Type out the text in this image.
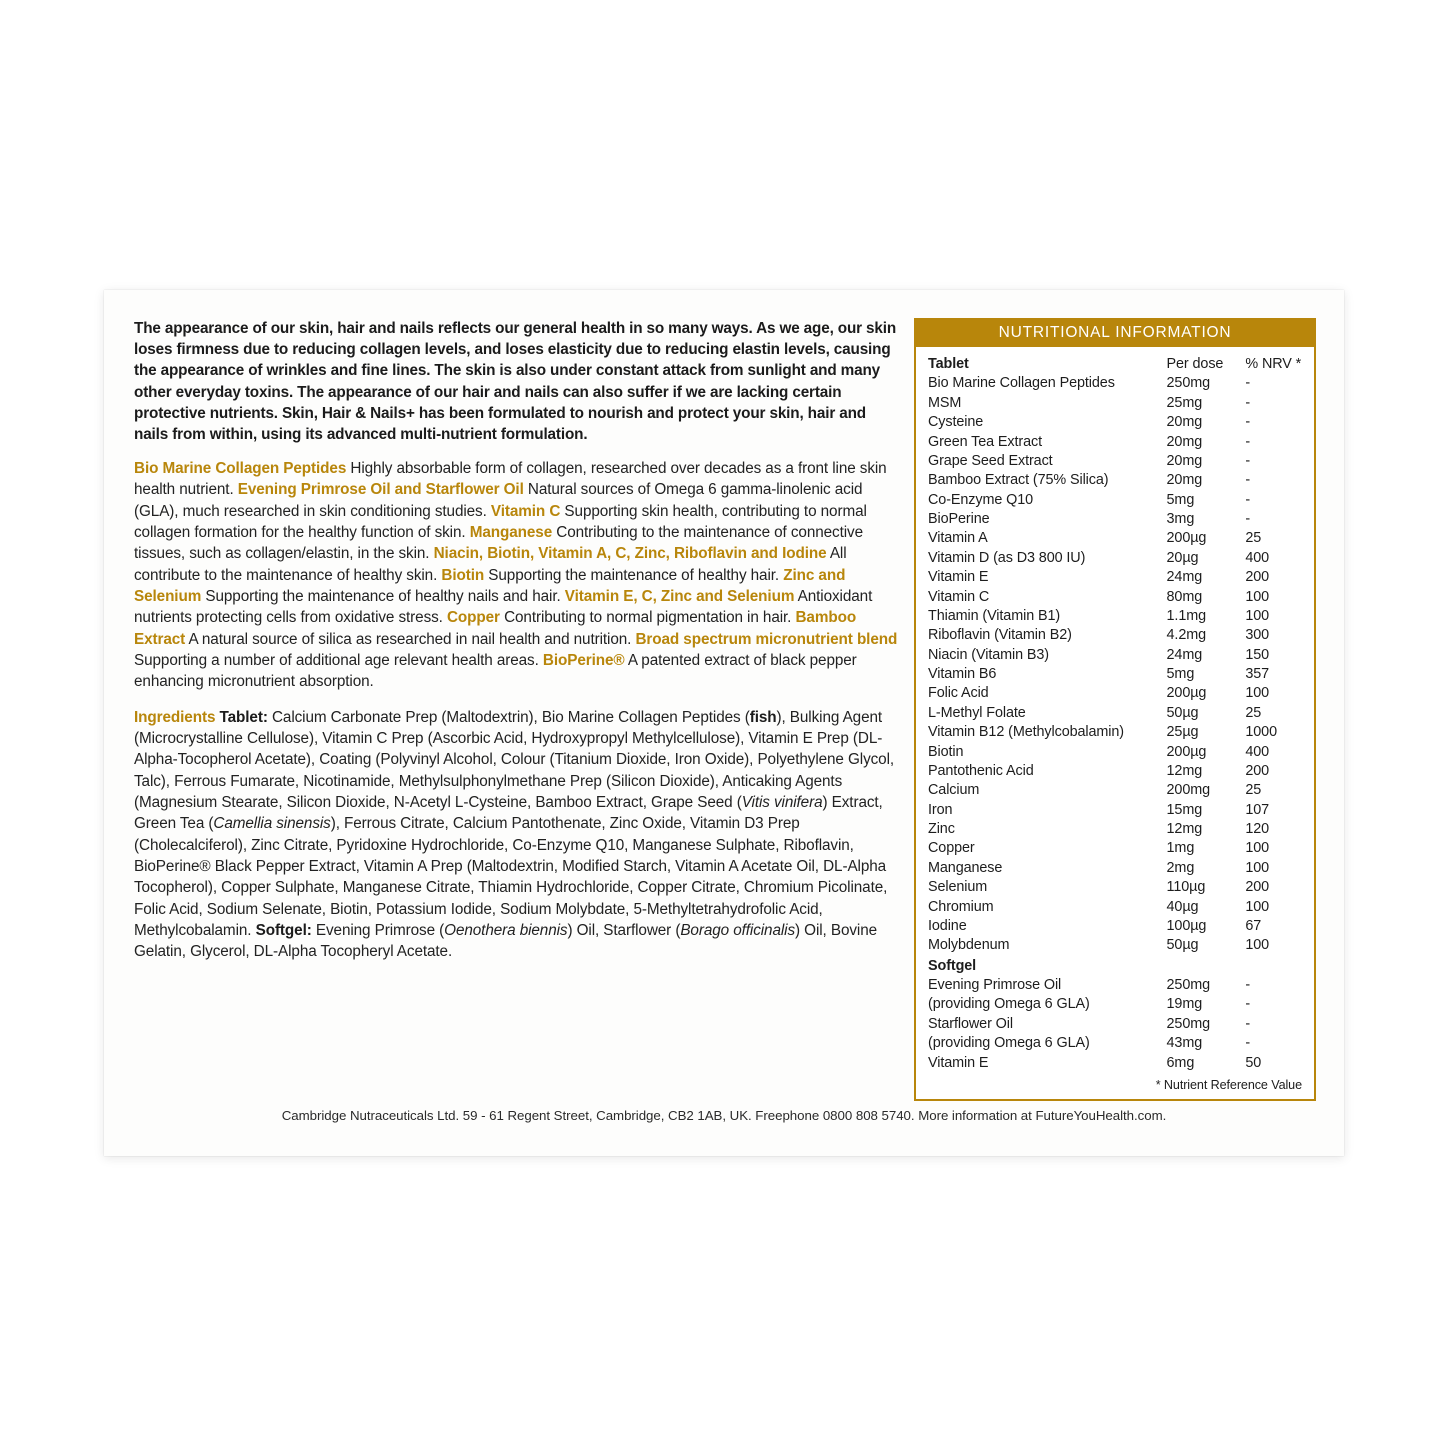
The appearance of our skin, hair and nails reflects our general health in so many ways. As we age, our skin loses firmness due to reducing collagen levels, and loses elasticity due to reducing elastin levels, causing the appearance of wrinkles and fine lines. The skin is also under constant attack from sunlight and many other everyday toxins. The appearance of our hair and nails can also suffer if we are lacking certain protective nutrients. Skin, Hair & Nails+ has been formulated to nourish and protect your skin, hair and nails from within, using its advanced multi-nutrient formulation.

Bio Marine Collagen Peptides Highly absorbable form of collagen, researched over decades as a front line skin health nutrient. Evening Primrose Oil and Starflower Oil Natural sources of Omega 6 gamma-linolenic acid (GLA), much researched in skin conditioning studies. Vitamin C Supporting skin health, contributing to normal collagen formation for the healthy function of skin. Manganese Contributing to the maintenance of connective tissues, such as collagen/elastin, in the skin. Niacin, Biotin, Vitamin A, C, Zinc, Riboflavin and Iodine All contribute to the maintenance of healthy skin. Biotin Supporting the maintenance of healthy hair. Zinc and Selenium Supporting the maintenance of healthy nails and hair. Vitamin E, C, Zinc and Selenium Antioxidant nutrients protecting cells from oxidative stress. Copper Contributing to normal pigmentation in hair. Bamboo Extract A natural source of silica as researched in nail health and nutrition. Broad spectrum micronutrient blend Supporting a number of additional age relevant health areas. BioPerine® A patented extract of black pepper enhancing micronutrient absorption.

Ingredients Tablet: Calcium Carbonate Prep (Maltodextrin), Bio Marine Collagen Peptides (fish), Bulking Agent (Microcrystalline Cellulose), Vitamin C Prep (Ascorbic Acid, Hydroxypropyl Methylcellulose), Vitamin E Prep (DL-Alpha-Tocopherol Acetate), Coating (Polyvinyl Alcohol, Colour (Titanium Dioxide, Iron Oxide), Polyethylene Glycol, Talc), Ferrous Fumarate, Nicotinamide, Methylsulphonylmethane Prep (Silicon Dioxide), Anticaking Agents (Magnesium Stearate, Silicon Dioxide, N-Acetyl L-Cysteine, Bamboo Extract, Grape Seed (Vitis vinifera) Extract, Green Tea (Camellia sinensis), Ferrous Citrate, Calcium Pantothenate, Zinc Oxide, Vitamin D3 Prep (Cholecalciferol), Zinc Citrate, Pyridoxine Hydrochloride, Co-Enzyme Q10, Manganese Sulphate, Riboflavin, BioPerine® Black Pepper Extract, Vitamin A Prep (Maltodextrin, Modified Starch, Vitamin A Acetate Oil, DL-Alpha Tocopherol), Copper Sulphate, Manganese Citrate, Thiamin Hydrochloride, Copper Citrate, Chromium Picolinate, Folic Acid, Sodium Selenate, Biotin, Potassium Iodide, Sodium Molybdate, 5-Methyltetrahydrofolic Acid, Methylcobalamin. Softgel: Evening Primrose (Oenothera biennis) Oil, Starflower (Borago officinalis) Oil, Bovine Gelatin, Glycerol, DL-Alpha Tocopheryl Acetate.

NUTRITIONAL INFORMATION
Tablet	Per dose	% NRV *
Bio Marine Collagen Peptides	250mg	-
MSM	25mg	-
Cysteine	20mg	-
Green Tea Extract	20mg	-
Grape Seed Extract	20mg	-
Bamboo Extract (75% Silica)	20mg	-
Co-Enzyme Q10	5mg	-
BioPerine	3mg	-
Vitamin A	200µg	25
Vitamin D (as D3 800 IU)	20µg	400
Vitamin E	24mg	200
Vitamin C	80mg	100
Thiamin (Vitamin B1)	1.1mg	100
Riboflavin (Vitamin B2)	4.2mg	300
Niacin (Vitamin B3)	24mg	150
Vitamin B6	5mg	357
Folic Acid	200µg	100
L-Methyl Folate	50µg	25
Vitamin B12 (Methylcobalamin)	25µg	1000
Biotin	200µg	400
Pantothenic Acid	12mg	200
Calcium	200mg	25
Iron	15mg	107
Zinc	12mg	120
Copper	1mg	100
Manganese	2mg	100
Selenium	110µg	200
Chromium	40µg	100
Iodine	100µg	67
Molybdenum	50µg	100
Softgel		
Evening Primrose Oil	250mg	-
(providing Omega 6 GLA)	19mg	-
Starflower Oil	250mg	-
(providing Omega 6 GLA)	43mg	-
Vitamin E	6mg	50
* Nutrient Reference Value
Cambridge Nutraceuticals Ltd. 59 - 61 Regent Street, Cambridge, CB2 1AB, UK. Freephone 0800 808 5740. More information at FutureYouHealth.com.
